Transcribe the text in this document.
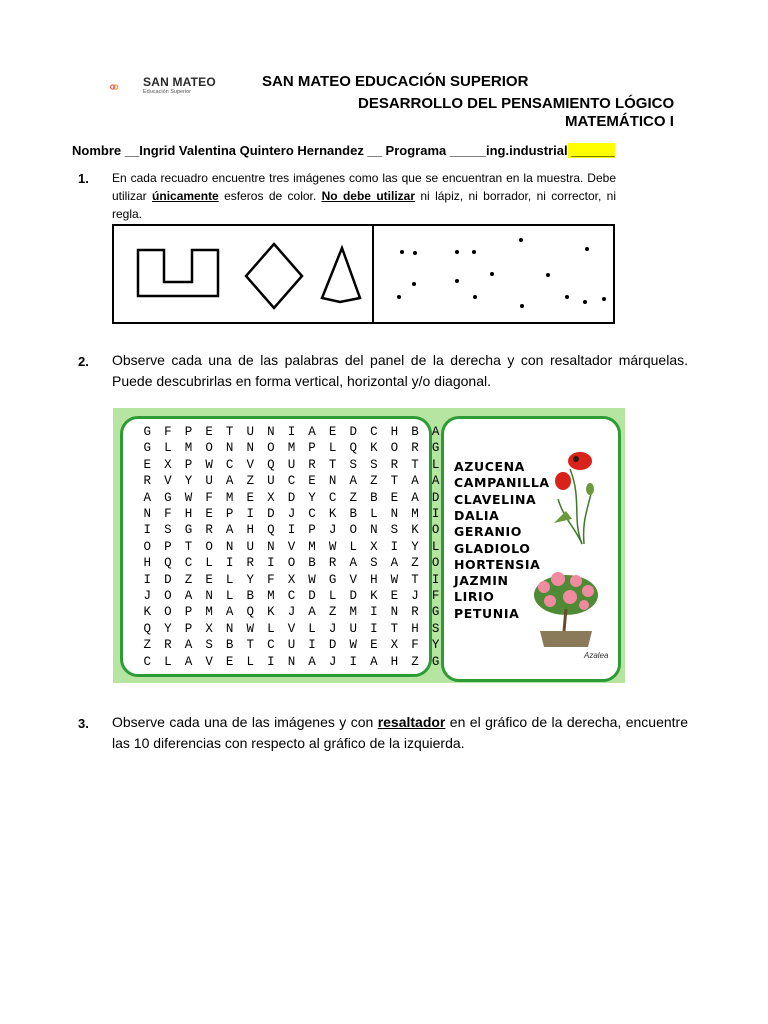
SAN MATEO
Educación Superior
SAN MATEO EDUCACIÓN SUPERIOR
DESARROLLO DEL PENSAMIENTO LÓGICO
MATEMÁTICO I
Nombre __Ingrid Valentina Quintero Hernandez __ Programa _____ing.industrial ______
1. En cada recuadro encuentre tres imágenes como las que se encuentran en la muestra. Debe utilizar únicamente esferos de color. No debe utilizar ni lápiz, ni borrador, ni corrector, ni regla.
2. Observe cada una de las palabras del panel de la derecha y con resaltador márquelas. Puede descubrirlas en forma vertical, horizontal y/o diagonal.
G	F	P	E	T	U	N	I	A	E	D	C	H	B	A
G	L	M	O	N	N	O	M	P	L	Q	K	O	R	G
E	X	P	W	C	V	Q	U	R	T	S	S	R	T	L
R	V	Y	U	A	Z	U	C	E	N	A	Z	T	A	A
A	G	W	F	M	E	X	D	Y	C	Z	B	E	A	D
N	F	H	E	P	I	D	J	C	K	B	L	N	M	I
I	S	G	R	A	H	Q	I	P	J	O	N	S	K	O
O	P	T	O	N	U	N	V	M	W	L	X	I	Y	L
H	Q	C	L	I	R	I	O	B	R	A	S	A	Z	O
I	D	Z	E	L	Y	F	X	W	G	V	H	W	T	I
J	O	A	N	L	B	M	C	D	L	D	K	E	J	F
K	O	P	M	A	Q	K	J	A	Z	M	I	N	R	G
Q	Y	P	X	N	W	L	V	L	J	U	I	T	H	S
Z	R	A	S	B	T	C	U	I	D	W	E	X	F	Y
C	L	A	V	E	L	I	N	A	J	I	A	H	Z	G	Azalea
AZUCENA
CAMPANILLA
CLAVELINA
DALIA
GERANIO
GLADIOLO
HORTENSIA
JAZMIN
LIRIO
PETUNIA
3. Observe cada una de las imágenes y con resaltador en el gráfico de la derecha, encuentre las 10 diferencias con respecto al gráfico de la izquierda.
